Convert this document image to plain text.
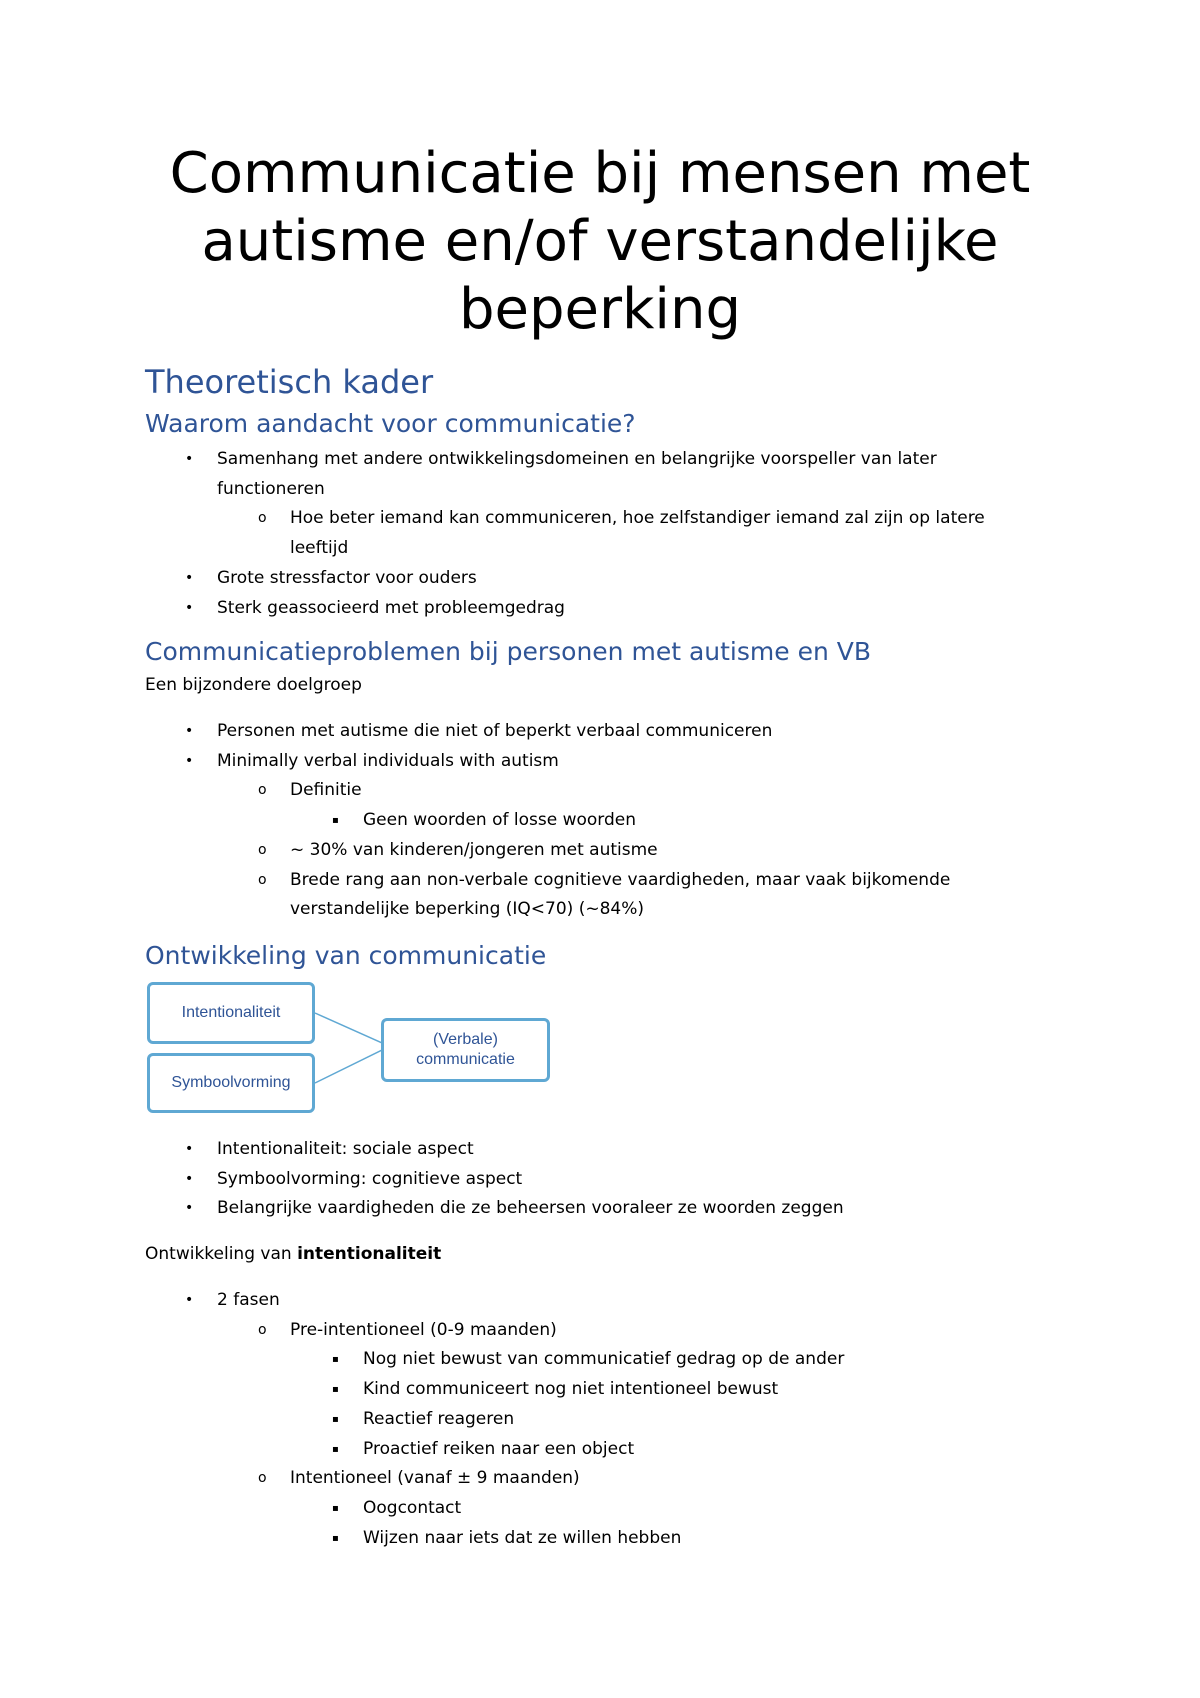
Communicatie bij mensen met autisme en/of verstandelijke beperking
Theoretisch kader
Waarom aandacht voor communicatie?
• Samenhang met andere ontwikkelingsdomeinen en belangrijke voorspeller van later functioneren
o Hoe beter iemand kan communiceren, hoe zelfstandiger iemand zal zijn op latere leeftijd
• Grote stressfactor voor ouders
• Sterk geassocieerd met probleemgedrag
Communicatieproblemen bij personen met autisme en VB

Een bijzondere doelgroep

• Personen met autisme die niet of beperkt verbaal communiceren
• Minimally verbal individuals with autism
o Definitie
▪ Geen woorden of losse woorden
o ~ 30% van kinderen/jongeren met autisme
o Brede rang aan non-verbale cognitieve vaardigheden, maar vaak bijkomende verstandelijke beperking (IQ<70) (~84%)
Ontwikkeling van communicatie
Intentionaliteit
Symboolvorming
(Verbale) communicatie
• Intentionaliteit: sociale aspect
• Symboolvorming: cognitieve aspect
• Belangrijke vaardigheden die ze beheersen vooraleer ze woorden zeggen

Ontwikkeling van intentionaliteit

• 2 fasen
o Pre-intentioneel (0-9 maanden)
▪ Nog niet bewust van communicatief gedrag op de ander
▪ Kind communiceert nog niet intentioneel bewust
▪ Reactief reageren
▪ Proactief reiken naar een object
o Intentioneel (vanaf ± 9 maanden)
▪ Oogcontact
▪ Wijzen naar iets dat ze willen hebben
